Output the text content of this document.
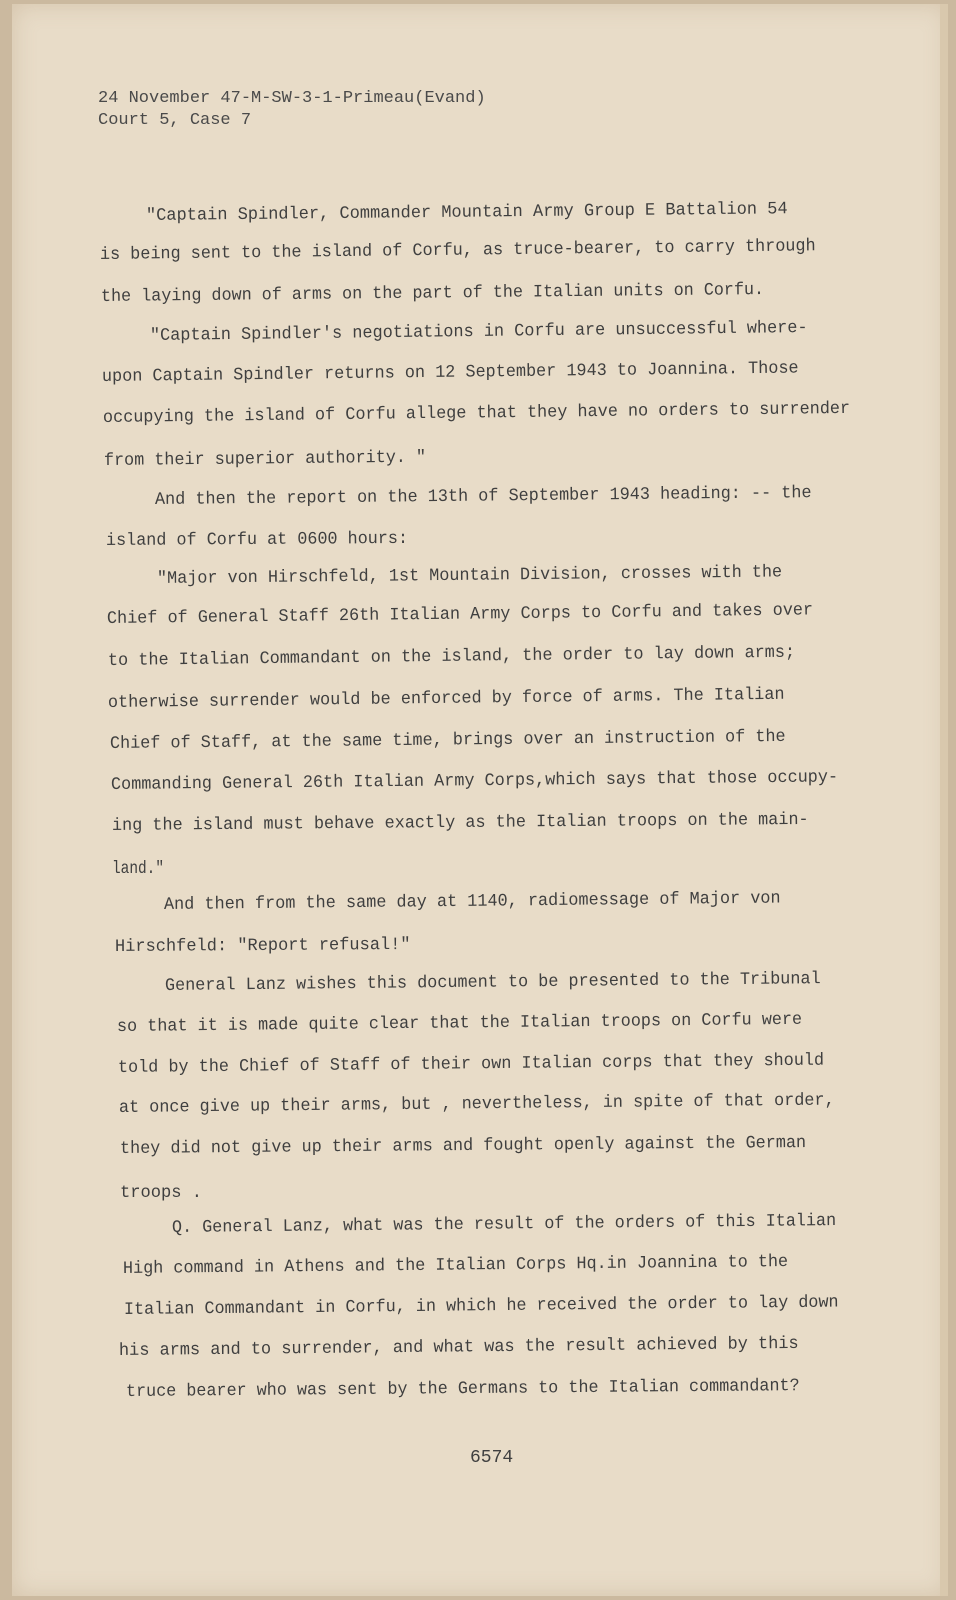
24 November 47-M-SW-3-1-Primeau(Evand)
Court 5, Case 7
"Captain Spindler, Commander Mountain Army Group E Battalion 54
is being sent to the island of Corfu, as truce-bearer, to carry through
the laying down of arms on the part of the Italian units on Corfu.
"Captain Spindler's negotiations in Corfu are unsuccessful where-
upon Captain Spindler returns on 12 September 1943 to Joannina. Those
occupying the island of Corfu allege that they have no orders to surrender
from their superior authority. "
And then the report on the 13th of September 1943 heading: -- the
island of Corfu at 0600 hours:
"Major von Hirschfeld, 1st Mountain Division, crosses with the
Chief of General Staff 26th Italian Army Corps to Corfu and takes over
to the Italian Commandant on the island, the order to lay down arms;
otherwise surrender would be enforced by force of arms. The Italian
Chief of Staff, at the same time, brings over an instruction of the
Commanding General 26th Italian Army Corps,which says that those occupy-
ing the island must behave exactly as the Italian troops on the main-
land."
And then from the same day at 1140, radiomessage of Major von
Hirschfeld: "Report refusal!"
General Lanz wishes this document to be presented to the Tribunal
so that it is made quite clear that the Italian troops on Corfu were
told by the Chief of Staff of their own Italian corps that they should
at once give up their arms, but , nevertheless, in spite of that order,
they did not give up their arms and fought openly against the German
troops .
Q. General Lanz, what was the result of the orders of this Italian
High command in Athens and the Italian Corps Hq.in Joannina to the
Italian Commandant in Corfu, in which he received the order to lay down
his arms and to surrender, and what was the result achieved by this
truce bearer who was sent by the Germans to the Italian commandant?
6574
